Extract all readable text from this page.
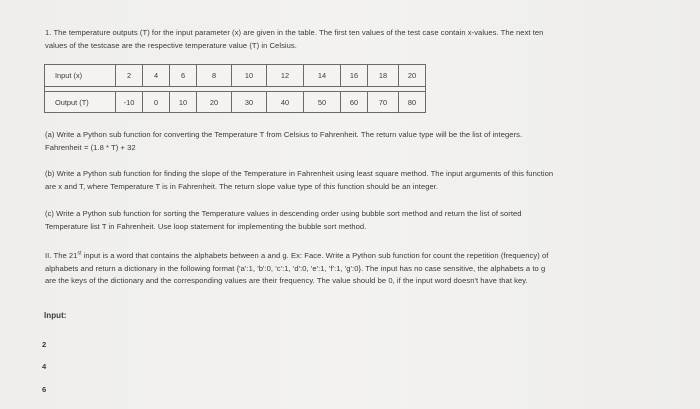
1. The temperature outputs (T) for the input parameter (x) are given in the table. The first ten values of the test case contain x-values. The next ten
values of the testcase are the respective temperature value (T) in Celsius.
Input (x)	2	4	6	8	10	12	14	16	18	20

Output (T)	-10	0	10	20	30	40	50	60	70	80
(a) Write a Python sub function for converting the Temperature T from Celsius to Fahrenheit. The return value type will be the list of integers.
Fahrenheit = (1.8 * T) + 32
(b) Write a Python sub function for finding the slope of the Temperature in Fahrenheit using least square method. The input arguments of this function
are x and T, where Temperature T is in Fahrenheit. The return slope value type of this function should be an integer.
(c) Write a Python sub function for sorting the Temperature values in descending order using bubble sort method and return the list of sorted
Temperature list T in Fahrenheit. Use loop statement for implementing the bubble sort method.
II. The 21st input is a word that contains the alphabets between a and g. Ex: Face. Write a Python sub function for count the repetition (frequency) of
alphabets and return a dictionary in the following format {'a':1, 'b':0, 'c':1, 'd':0, 'e':1, 'f':1, 'g':0}. The input has no case sensitive, the alphabets a to g
are the keys of the dictionary and the corresponding values are their frequency. The value should be 0, if the input word doesn't have that key.
Input:
2
4
6
